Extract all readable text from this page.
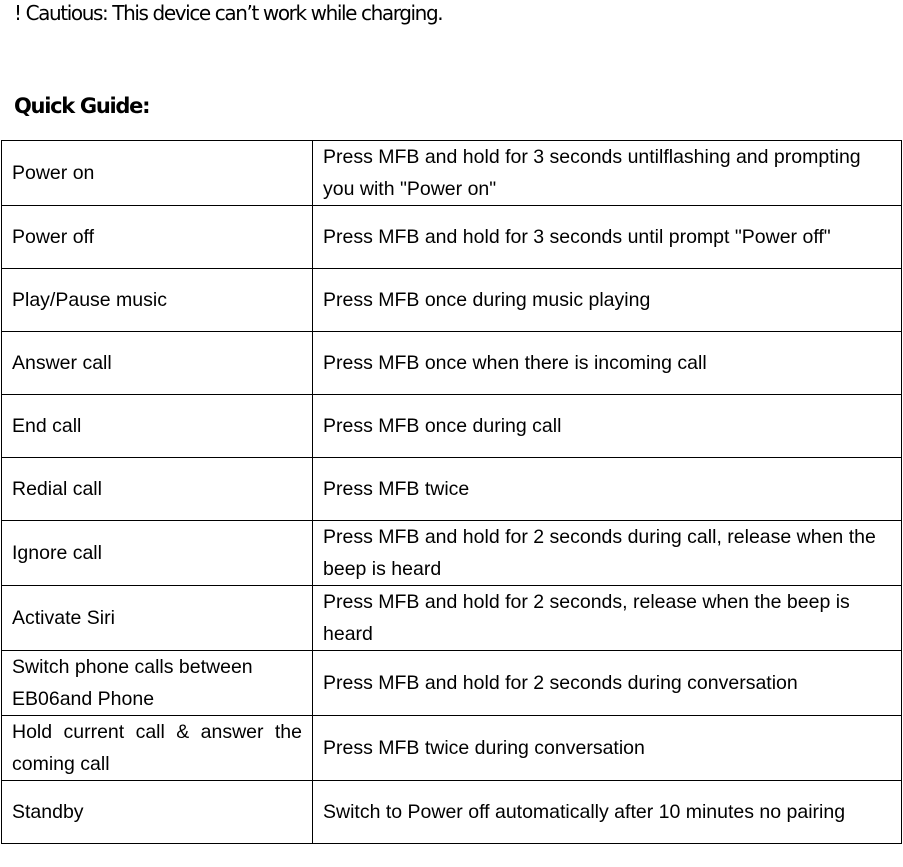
! Cautious: This device can’t work while charging.

Quick Guide:
Power on	Press MFB and hold for 3 seconds untilflashing and prompting you with "Power on"
Power off	Press MFB and hold for 3 seconds until prompt "Power off"
Play/Pause music	Press MFB once during music playing
Answer call	Press MFB once when there is incoming call
End call	Press MFB once during call
Redial call	Press MFB twice
Ignore call	Press MFB and hold for 2 seconds during call, release when the beep is heard
Activate Siri	Press MFB and hold for 2 seconds, release when the beep is heard
Switch phone calls between EB06and Phone	Press MFB and hold for 2 seconds during conversation
Hold current call & answer the coming call	Press MFB twice during conversation
Standby	Switch to Power off automatically after 10 minutes no pairing
